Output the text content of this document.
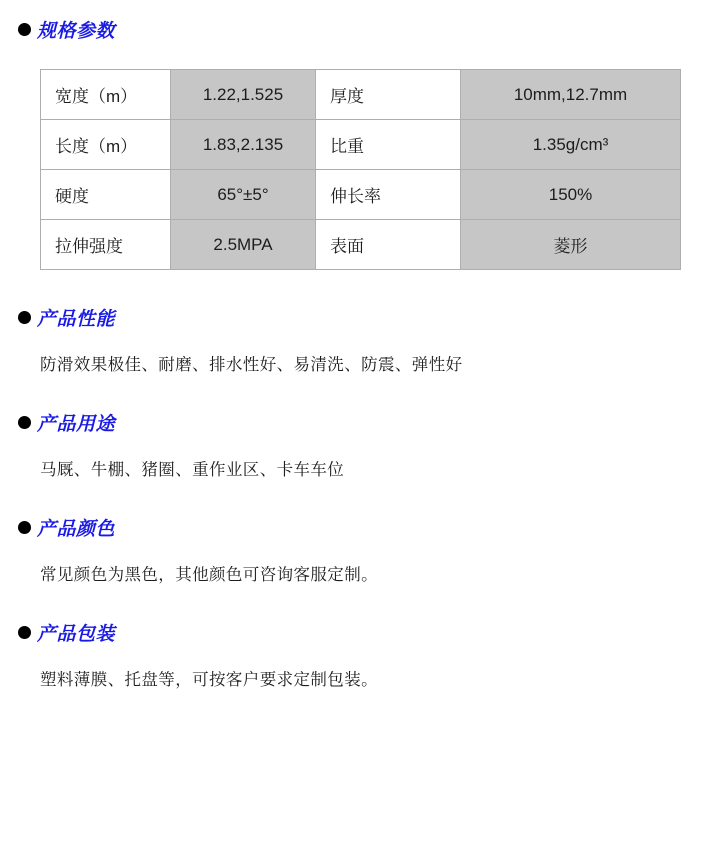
规格参数
宽度（m）	1.22,1.525	厚度	10mm,12.7mm
长度（m）	1.83,2.135	比重	1.35g/cm³
硬度	65°±5°	伸长率	150%
拉伸强度	2.5MPA	表面	菱形
产品性能
防滑效果极佳、耐磨、排水性好、易清洗、防震、弹性好
产品用途
马厩、牛棚、猪圈、重作业区、卡车车位
产品颜色
常见颜色为黑色，其他颜色可咨询客服定制。
产品包装
塑料薄膜、托盘等，可按客户要求定制包装。
